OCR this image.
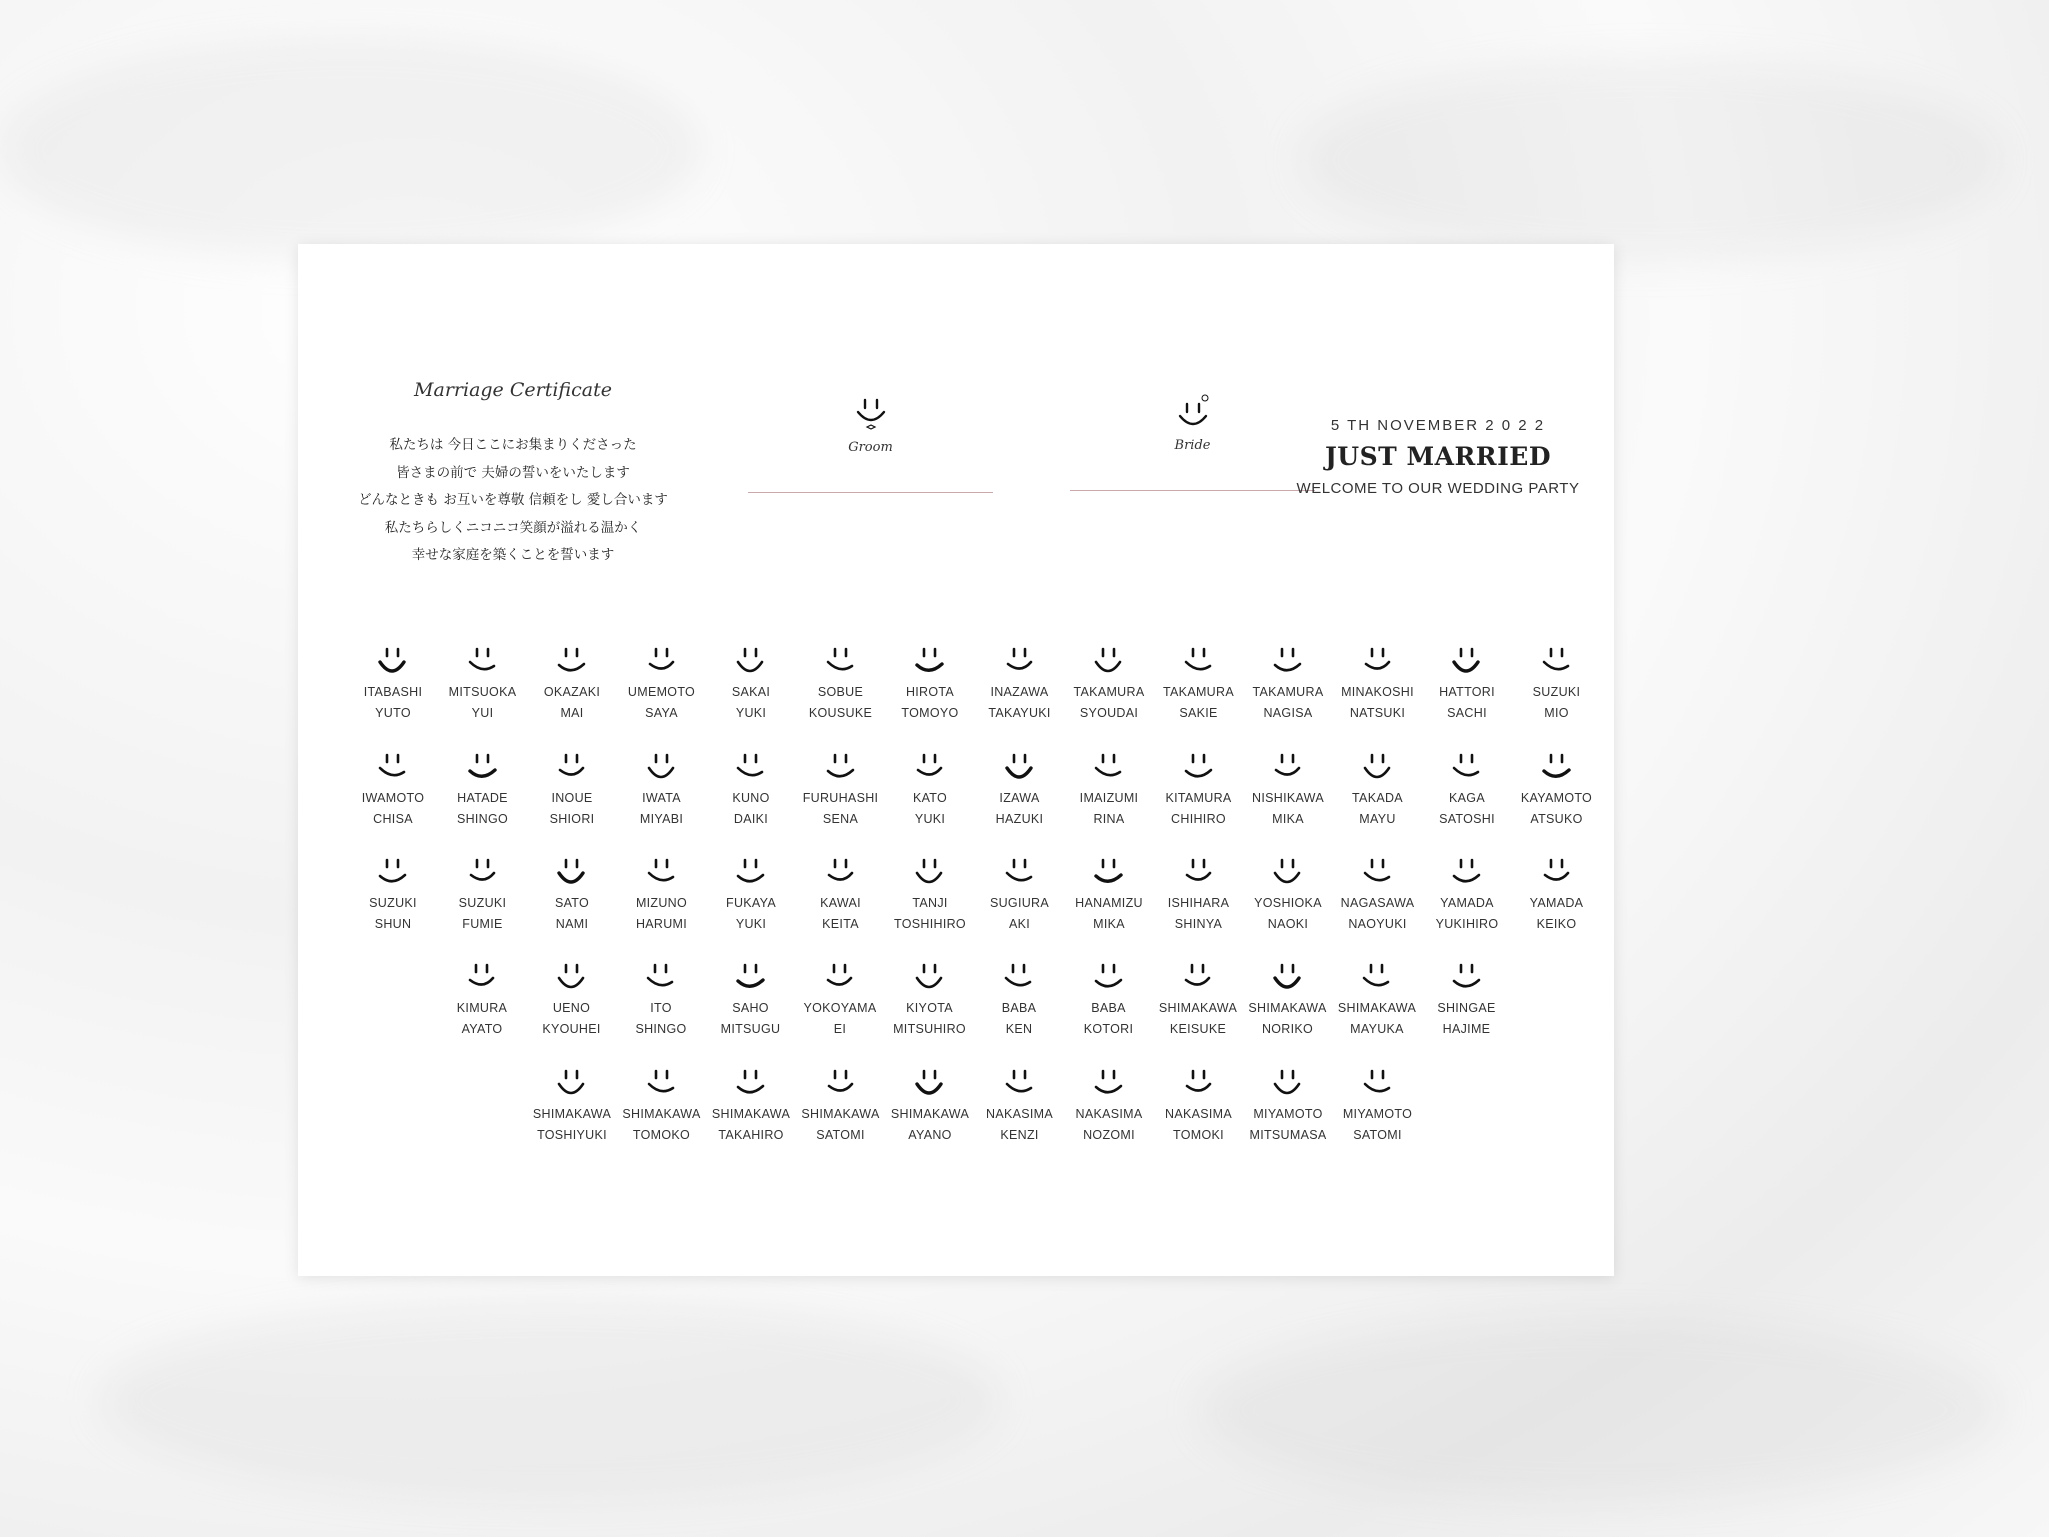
Marriage Certificate
私たちは 今日ここにお集まりくださった
皆さまの前で 夫婦の誓いをいたします
どんなときも お互いを尊敬 信頼をし 愛し合います
私たちらしくニコニコ笑顔が溢れる温かく
幸せな家庭を築くことを誓います
Groom	Bride
5 TH NOVEMBER 2 0 2 2
JUST MARRIED
WELCOME TO OUR WEDDING PARTY
ITABASHI
YUTO
MITSUOKA
YUI
OKAZAKI
MAI
UMEMOTO
SAYA
SAKAI
YUKI
SOBUE
KOUSUKE
HIROTA
TOMOYO
INAZAWA
TAKAYUKI
TAKAMURA
SYOUDAI
TAKAMURA
SAKIE
TAKAMURA
NAGISA
MINAKOSHI
NATSUKI
HATTORI
SACHI
SUZUKI
MIO
IWAMOTO
CHISA
HATADE
SHINGO
INOUE
SHIORI
IWATA
MIYABI
KUNO
DAIKI
FURUHASHI
SENA
KATO
YUKI
IZAWA
HAZUKI
IMAIZUMI
RINA
KITAMURA
CHIHIRO
NISHIKAWA
MIKA
TAKADA
MAYU
KAGA
SATOSHI
KAYAMOTO
ATSUKO
SUZUKI
SHUN
SUZUKI
FUMIE
SATO
NAMI
MIZUNO
HARUMI
FUKAYA
YUKI
KAWAI
KEITA
TANJI
TOSHIHIRO
SUGIURA
AKI
HANAMIZU
MIKA
ISHIHARA
SHINYA
YOSHIOKA
NAOKI
NAGASAWA
NAOYUKI
YAMADA
YUKIHIRO
YAMADA
KEIKO
KIMURA
AYATO
UENO
KYOUHEI
ITO
SHINGO
SAHO
MITSUGU
YOKOYAMA
EI
KIYOTA
MITSUHIRO
BABA
KEN
BABA
KOTORI
SHIMAKAWA
KEISUKE
SHIMAKAWA
NORIKO
SHIMAKAWA
MAYUKA
SHINGAE
HAJIME
SHIMAKAWA
TOSHIYUKI
SHIMAKAWA
TOMOKO
SHIMAKAWA
TAKAHIRO
SHIMAKAWA
SATOMI
SHIMAKAWA
AYANO
NAKASIMA
KENZI
NAKASIMA
NOZOMI
NAKASIMA
TOMOKI
MIYAMOTO
MITSUMASA
MIYAMOTO
SATOMI
